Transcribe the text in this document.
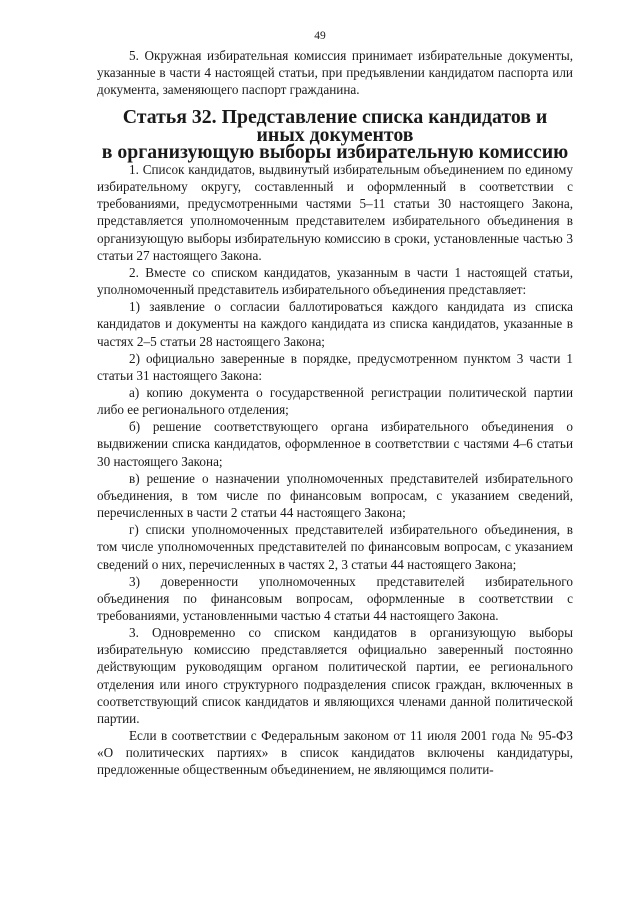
49

5. Окружная избирательная комиссия принимает избирательные документы, указанные в части 4 настоящей статьи, при предъявлении кандидатом паспорта или документа, заменяющего паспорт гражданина.

Статья 32. Представление списка кандидатов и иных документов
в организующую выборы избирательную комиссию

1. Список кандидатов, выдвинутый избирательным объединением по единому избирательному округу, составленный и оформленный в соответствии с требованиями, предусмотренными частями 5–11 статьи 30 настоящего Закона, представляется уполномоченным представителем избирательного объединения в организующую выборы избирательную комиссию в сроки, установленные частью 3 статьи 27 настоящего Закона.

2. Вместе со списком кандидатов, указанным в части 1 настоящей статьи, уполномоченный представитель избирательного объединения представляет:

1) заявление о согласии баллотироваться каждого кандидата из списка кандидатов и документы на каждого кандидата из списка кандидатов, указанные в частях 2–5 статьи 28 настоящего Закона;

2) официально заверенные в порядке, предусмотренном пунктом 3 части 1 статьи 31 настоящего Закона:

а) копию документа о государственной регистрации политической партии либо ее регионального отделения;

б) решение соответствующего органа избирательного объединения о выдвижении списка кандидатов, оформленное в соответствии с частями 4–6 статьи 30 настоящего Закона;

в) решение о назначении уполномоченных представителей избирательного объединения, в том числе по финансовым вопросам, с указанием сведений, перечисленных в части 2 статьи 44 настоящего Закона;

г) списки уполномоченных представителей избирательного объединения, в том числе уполномоченных представителей по финансовым вопросам, с указанием сведений о них, перечисленных в частях 2, 3 статьи 44 настоящего Закона;

3) доверенности уполномоченных представителей избирательного объединения по финансовым вопросам, оформленные в соответствии с требованиями, установленными частью 4 статьи 44 настоящего Закона.

3. Одновременно со списком кандидатов в организующую выборы избирательную комиссию представляется официально заверенный постоянно действующим руководящим органом политической партии, ее регионального отделения или иного структурного подразделения список граждан, включенных в соответствующий список кандидатов и являющихся членами данной политической партии.

Если в соответствии с Федеральным законом от 11 июля 2001 года № 95-ФЗ «О политических партиях» в список кандидатов включены кандидатуры, предложенные общественным объединением, не являющимся полити-
